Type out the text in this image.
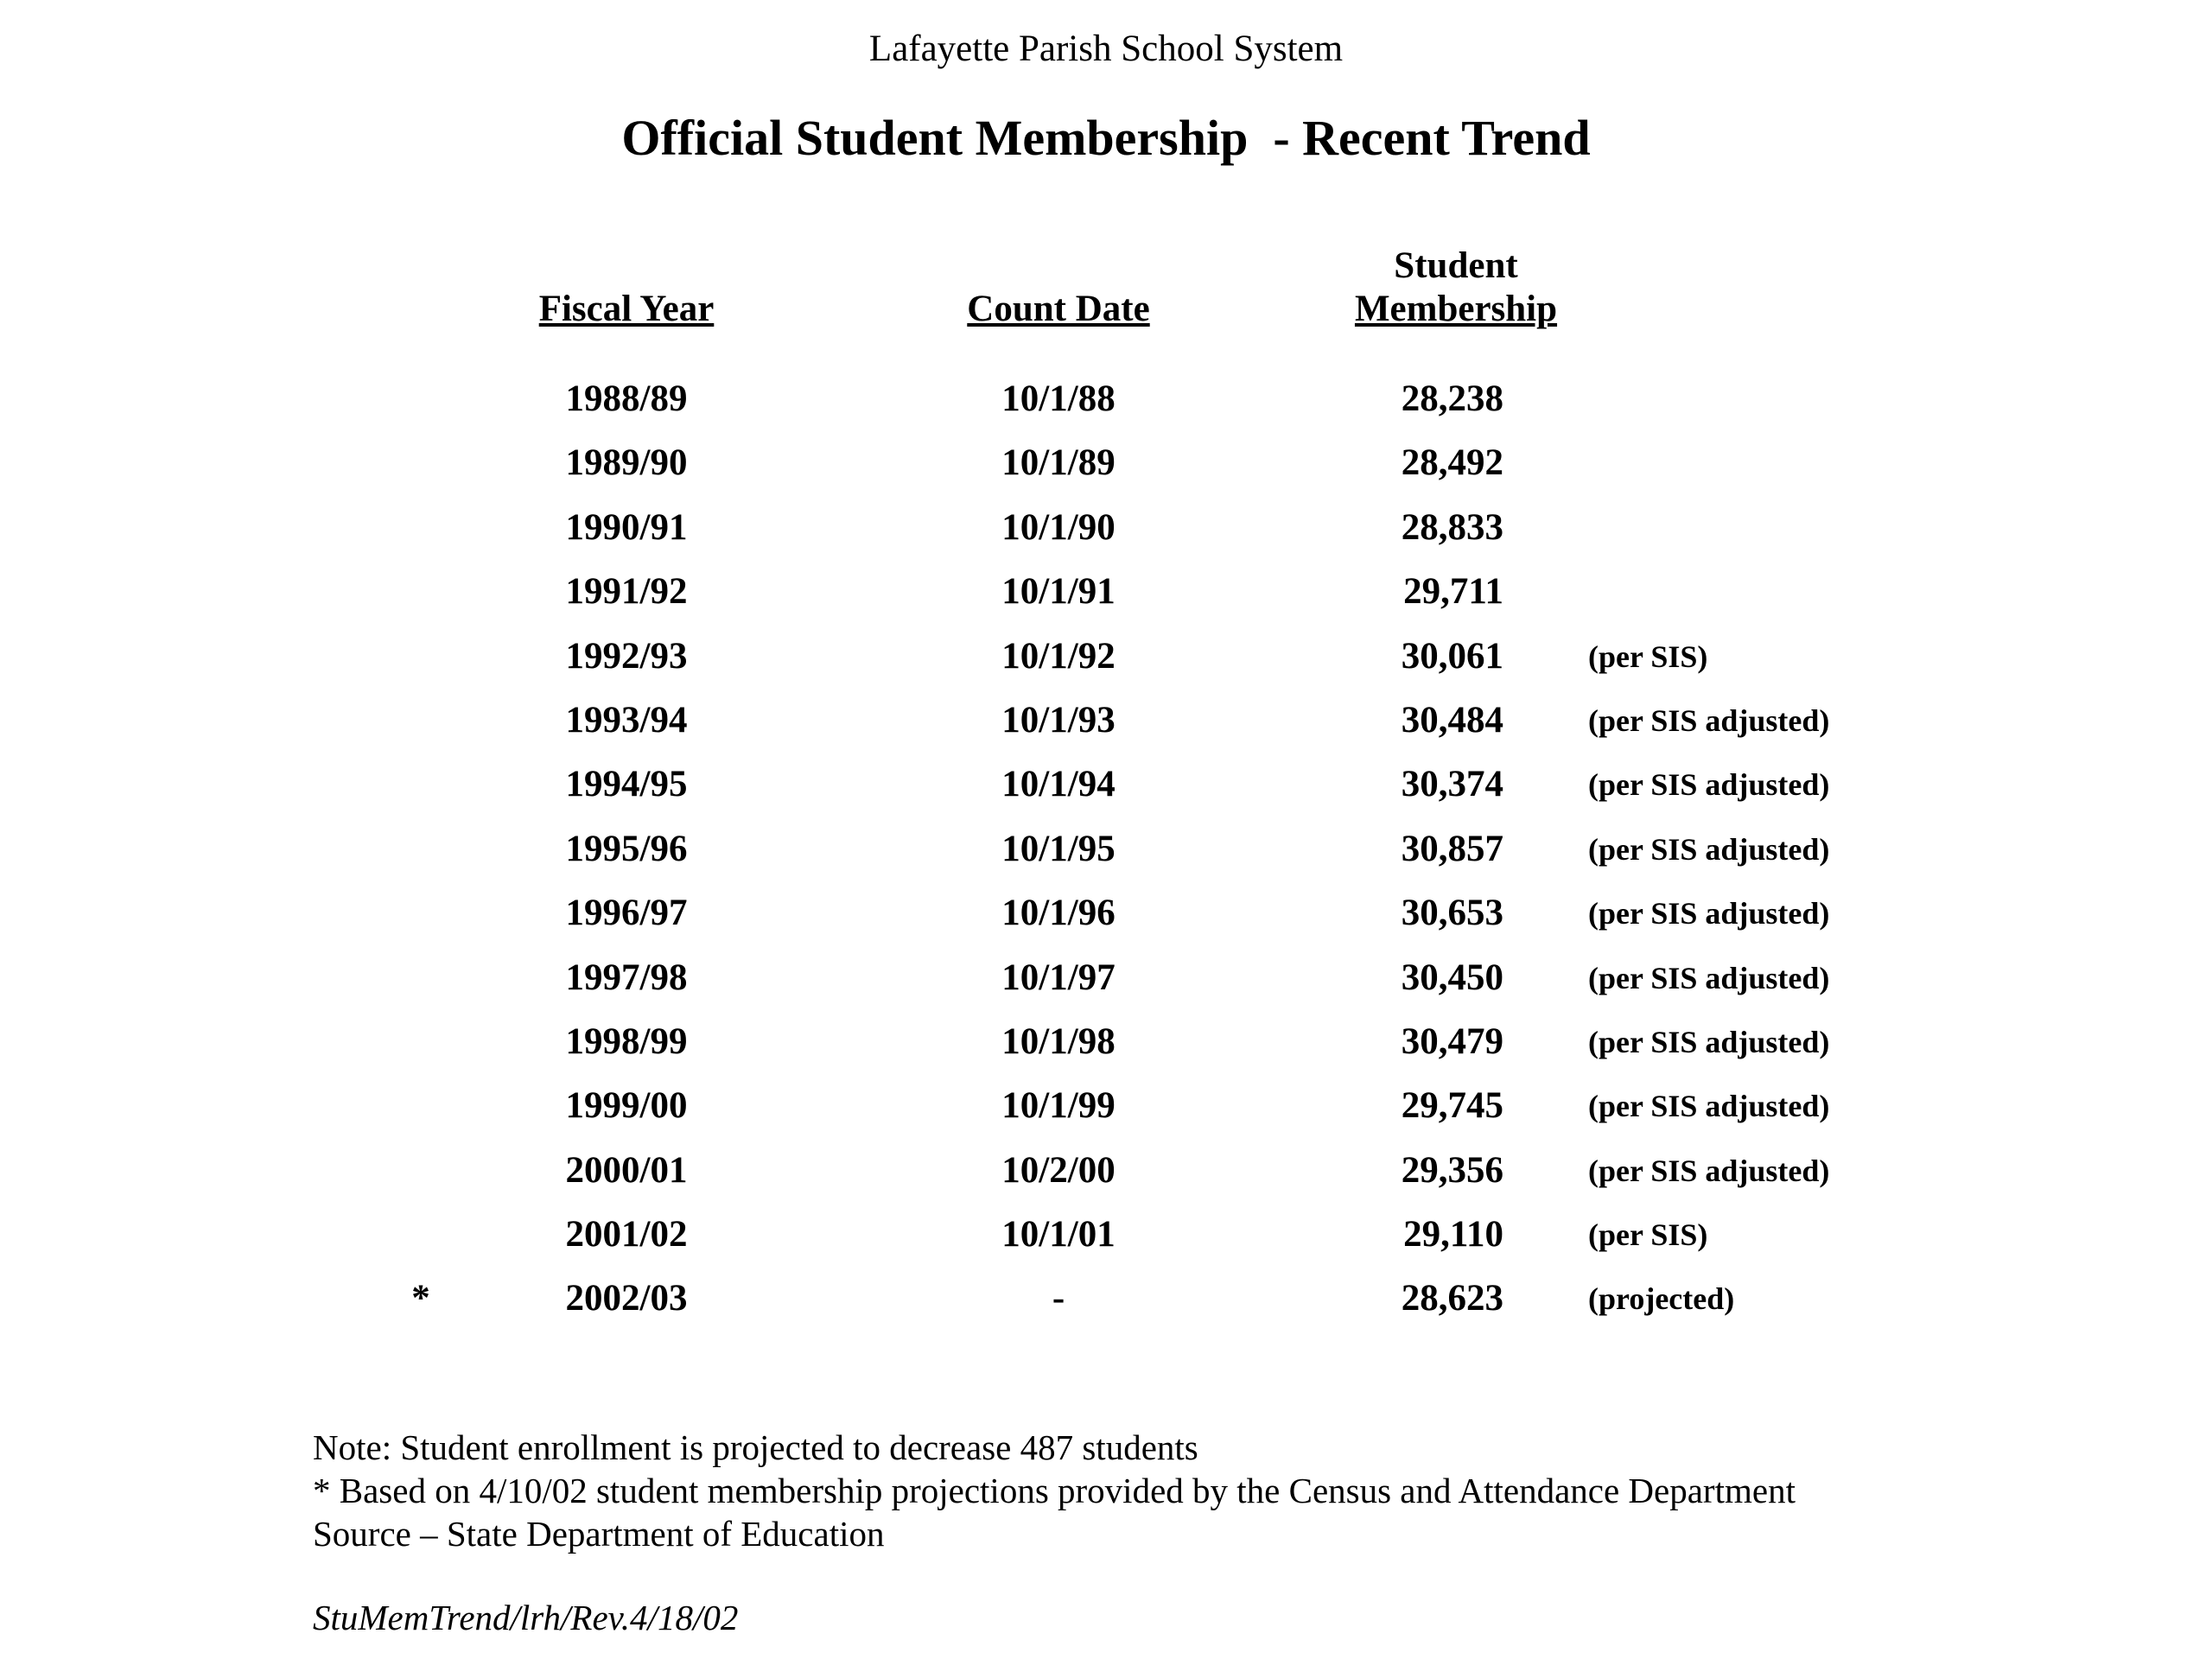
Lafayette Parish School System
Official Student Membership  - Recent Trend
Fiscal Year	Count Date
Student
Membership
1988/89	10/1/88	28,238
1989/90	10/1/89	28,492
1990/91	10/1/90	28,833
1991/92	10/1/91	29,711
1992/93	10/1/92	30,061	(per SIS)
1993/94	10/1/93	30,484	(per SIS adjusted)
1994/95	10/1/94	30,374	(per SIS adjusted)
1995/96	10/1/95	30,857	(per SIS adjusted)
1996/97	10/1/96	30,653	(per SIS adjusted)
1997/98	10/1/97	30,450	(per SIS adjusted)
1998/99	10/1/98	30,479	(per SIS adjusted)
1999/00	10/1/99	29,745	(per SIS adjusted)
2000/01	10/2/00	29,356	(per SIS adjusted)
2001/02	10/1/01	29,110	(per SIS)
*	2002/03	-	28,623	(projected)
Note: Student enrollment is projected to decrease 487 students
* Based on 4/10/02 student membership projections provided by the Census and Attendance Department
Source – State Department of Education
StuMemTrend/lrh/Rev.4/18/02
